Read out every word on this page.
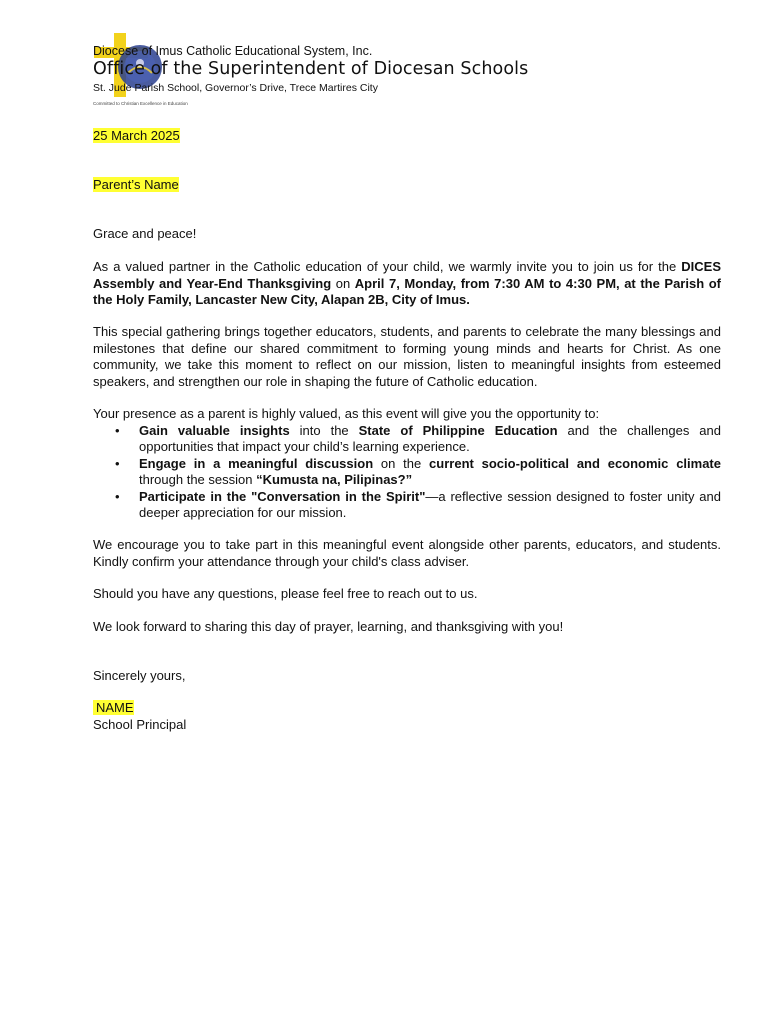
Diocese of Imus Catholic Educational System, Inc.
Office of the Superintendent of Diocesan Schools
St. Jude Parish School, Governor’s Drive, Trece Martires City
Committed to Christian Excellence in Education
25 March 2025
Parent’s Name
Grace and peace!
As a valued partner in the Catholic education of your child, we warmly invite you to join us for the DICES Assembly and Year-End Thanksgiving on April 7, Monday, from 7:30 AM to 4:30 PM, at the Parish of the Holy Family, Lancaster New City, Alapan 2B, City of Imus.
This special gathering brings together educators, students, and parents to celebrate the many blessings and milestones that define our shared commitment to forming young minds and hearts for Christ. As one community, we take this moment to reflect on our mission, listen to meaningful insights from esteemed speakers, and strengthen our role in shaping the future of Catholic education.
Your presence as a parent is highly valued, as this event will give you the opportunity to:
• Gain valuable insights into the State of Philippine Education and the challenges and opportunities that impact your child’s learning experience.
• Engage in a meaningful discussion on the current socio-political and economic climate through the session “Kumusta na, Pilipinas?”
• Participate in the "Conversation in the Spirit"—a reflective session designed to foster unity and deeper appreciation for our mission.
We encourage you to take part in this meaningful event alongside other parents, educators, and students. Kindly confirm your attendance through your child's class adviser.
Should you have any questions, please feel free to reach out to us.
We look forward to sharing this day of prayer, learning, and thanksgiving with you!
Sincerely yours,
NAME
School Principal
